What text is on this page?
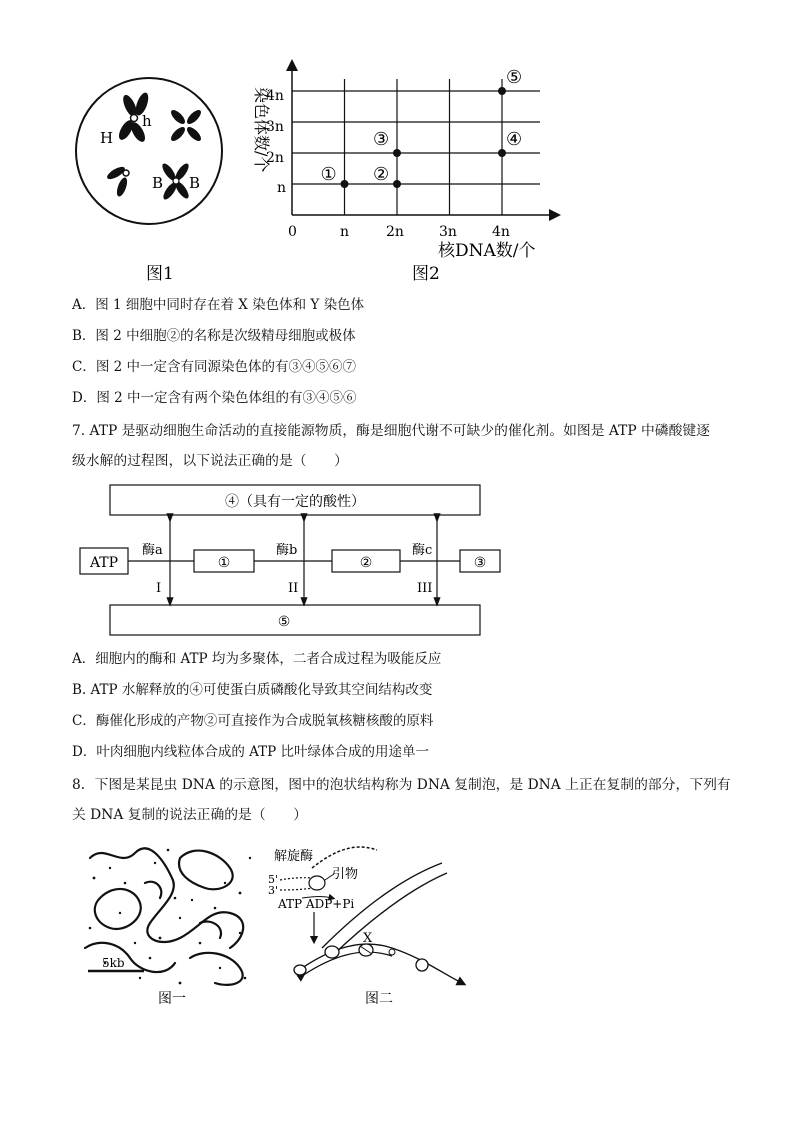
H
h
B B
图1
① ②
③	④
⑤
0	n	2n	3n	4n
n
2n
3n
4n
核DNA数/个
染色体数/个
图2
A．图 1 细胞中同时存在着 X 染色体和 Y 染色体
B．图 2 中细胞②的名称是次级精母细胞或极体
C．图 2 中一定含有同源染色体的有③④⑤⑥⑦
D．图 2 中一定含有两个染色体组的有③④⑤⑥
7. ATP 是驱动细胞生命活动的直接能源物质，酶是细胞代谢不可缺少的催化剂。如图是 ATP 中磷酸键逐
级水解的过程图，以下说法正确的是（　　）
④（具有一定的酸性）
⑤
ATP	①	②	③
酶a	酶b	酶c
I	II	III
A．细胞内的酶和 ATP 均为多聚体，二者合成过程为吸能反应
B. ATP 水解释放的④可使蛋白质磷酸化导致其空间结构改变
C．酶催化形成的产物②可直接作为合成脱氧核糖核酸的原料
D．叶肉细胞内线粒体合成的 ATP 比叶绿体合成的用途单一
8．下图是某昆虫 DNA 的示意图，图中的泡状结构称为 DNA 复制泡，是 DNA 上正在复制的部分，下列有
关 DNA 复制的说法正确的是（　　）
5kb
图一
解旋酶
引物
5'
3'
ATP ADP+Pi
X
图二
